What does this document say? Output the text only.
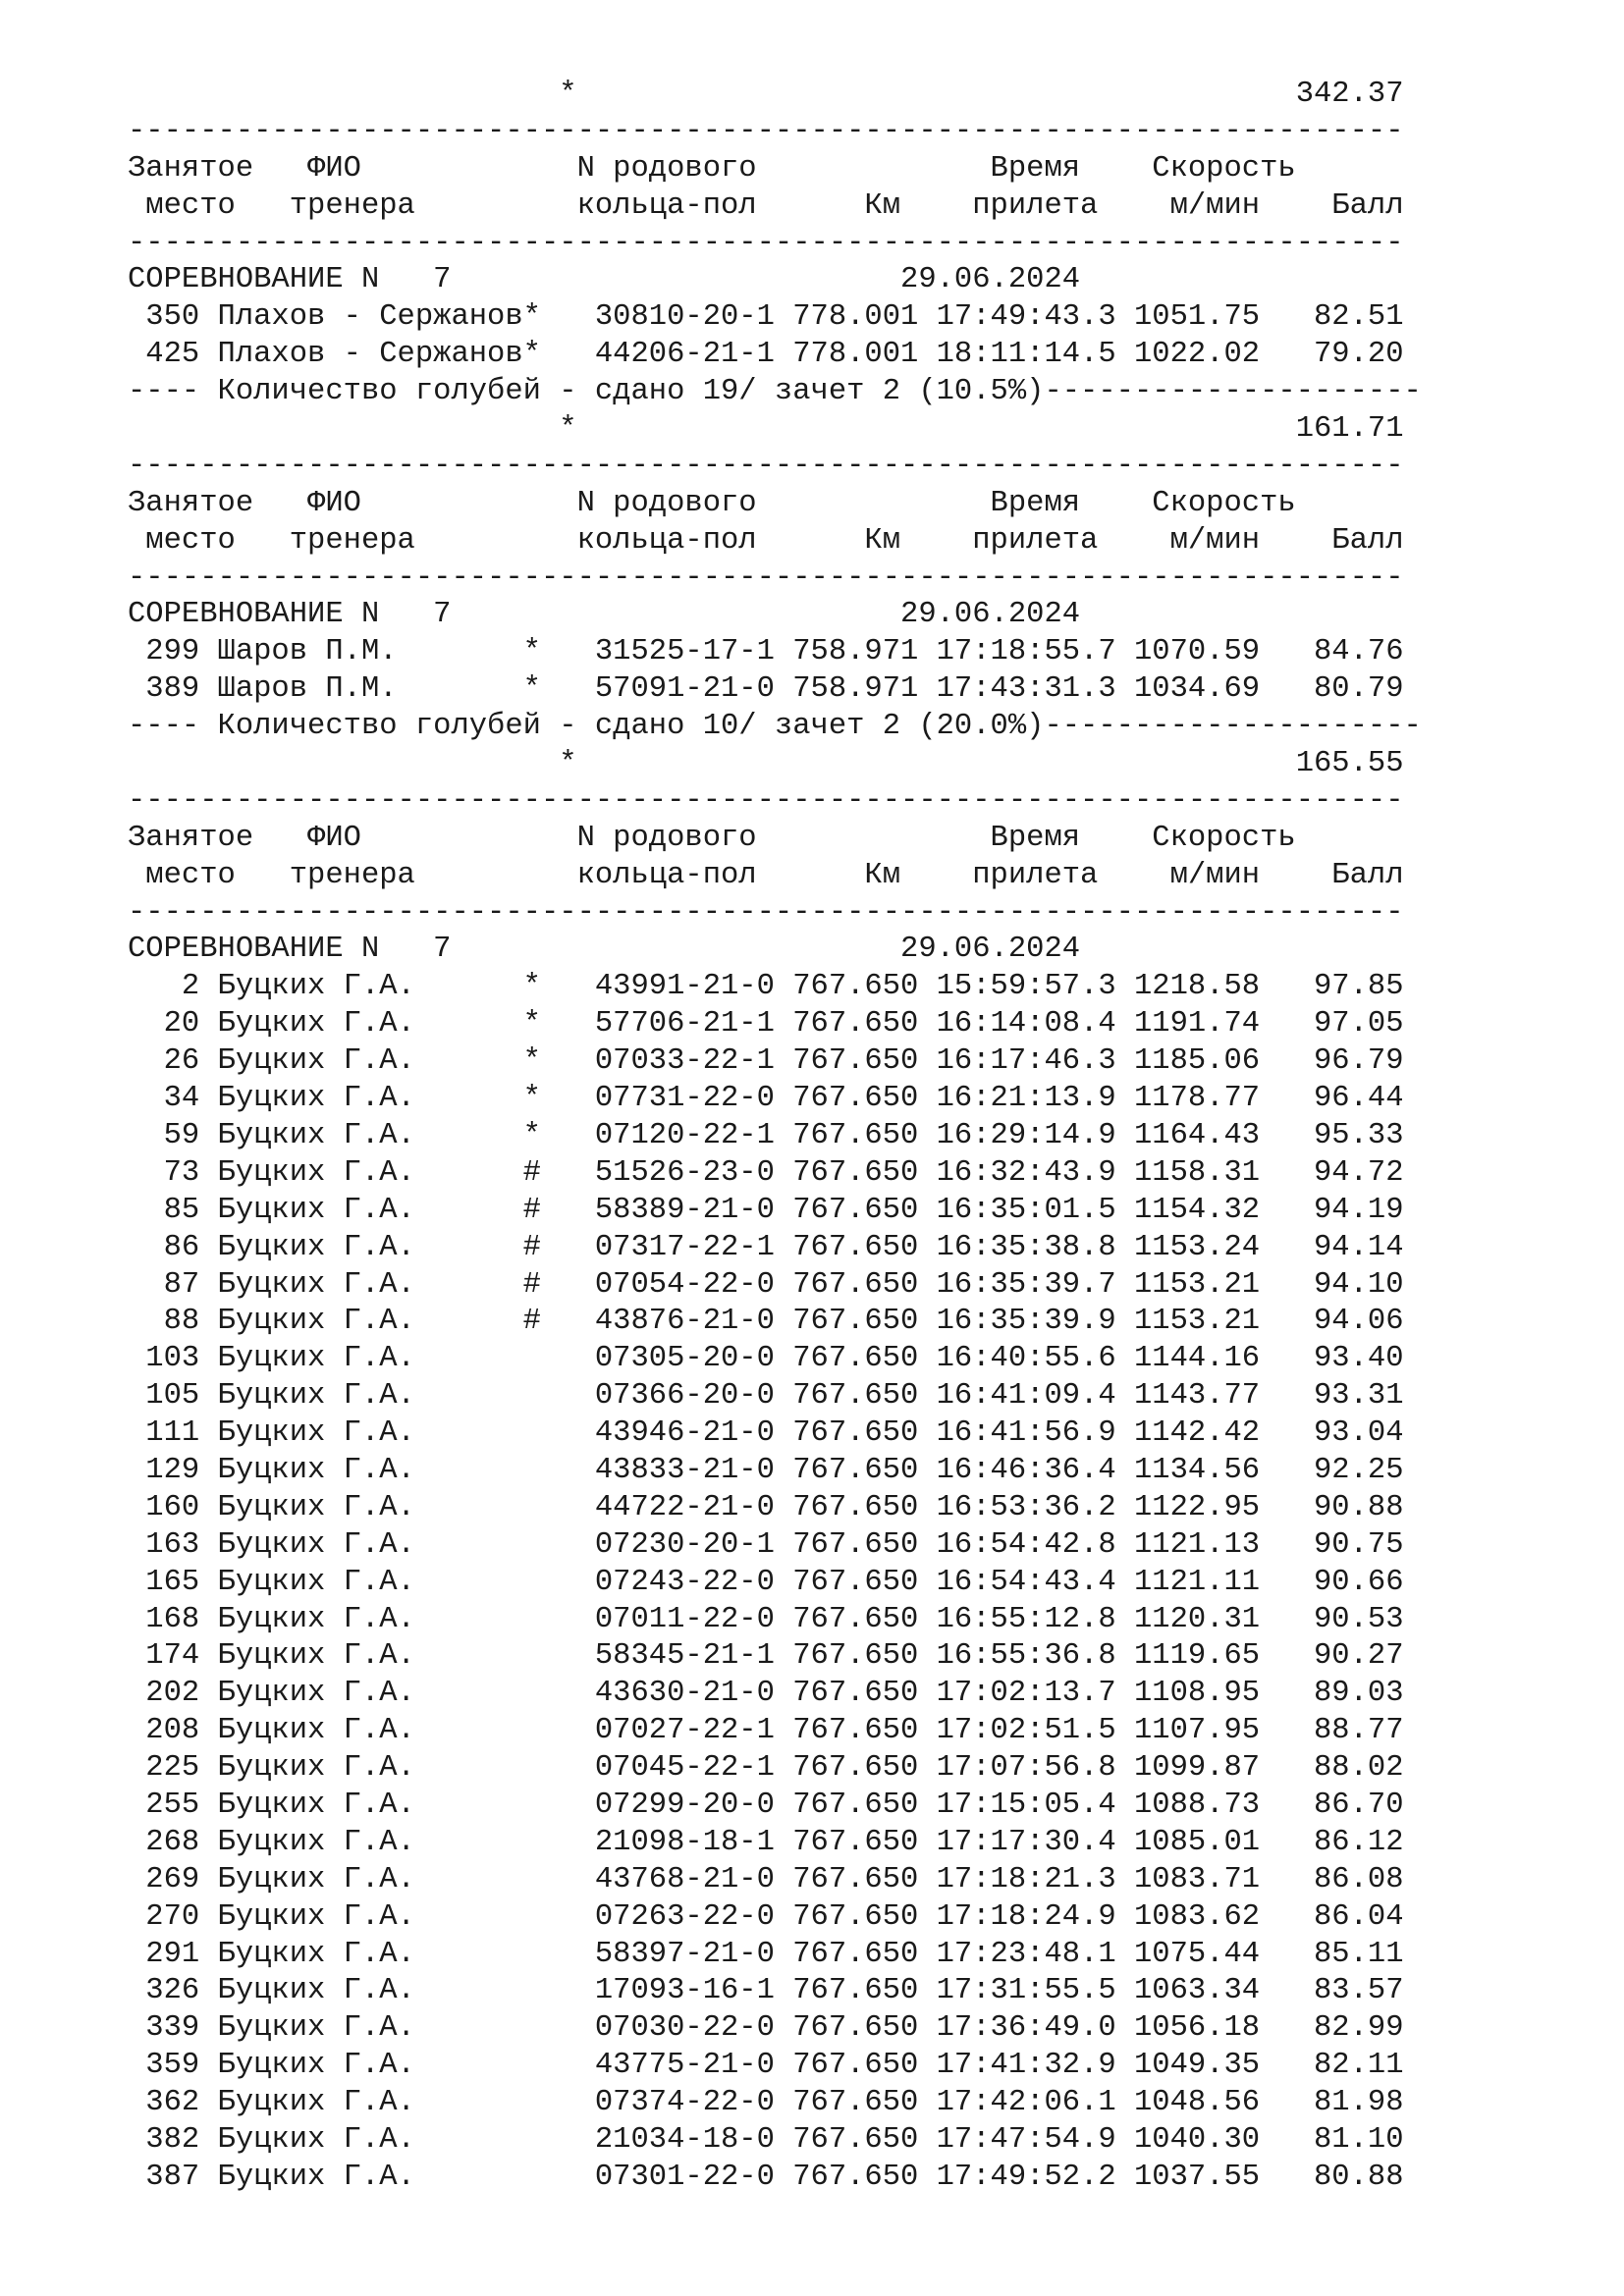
*                                        342.37
-----------------------------------------------------------------------
Занятое   ФИО            N родового             Время    Скорость
место   тренера         кольца-пол      Км    прилета    м/мин    Балл
-----------------------------------------------------------------------
СОРЕВНОВАНИЕ N   7                         29.06.2024
350 Плахов - Сержанов*   30810-20-1 778.001 17:49:43.3 1051.75   82.51
425 Плахов - Сержанов*   44206-21-1 778.001 18:11:14.5 1022.02   79.20
---- Количество голубей - сдано 19/ зачет 2 (10.5%)---------------------
*                                        161.71
-----------------------------------------------------------------------
Занятое   ФИО            N родового             Время    Скорость
место   тренера         кольца-пол      Км    прилета    м/мин    Балл
-----------------------------------------------------------------------
СОРЕВНОВАНИЕ N   7                         29.06.2024
299 Шаров П.М.       *   31525-17-1 758.971 17:18:55.7 1070.59   84.76
389 Шаров П.М.       *   57091-21-0 758.971 17:43:31.3 1034.69   80.79
---- Количество голубей - сдано 10/ зачет 2 (20.0%)---------------------
*                                        165.55
-----------------------------------------------------------------------
Занятое   ФИО            N родового             Время    Скорость
место   тренера         кольца-пол      Км    прилета    м/мин    Балл
-----------------------------------------------------------------------
СОРЕВНОВАНИЕ N   7                         29.06.2024
2 Буцких Г.А.      *   43991-21-0 767.650 15:59:57.3 1218.58   97.85
20 Буцких Г.А.      *   57706-21-1 767.650 16:14:08.4 1191.74   97.05
26 Буцких Г.А.      *   07033-22-1 767.650 16:17:46.3 1185.06   96.79
34 Буцких Г.А.      *   07731-22-0 767.650 16:21:13.9 1178.77   96.44
59 Буцких Г.А.      *   07120-22-1 767.650 16:29:14.9 1164.43   95.33
73 Буцких Г.А.      #   51526-23-0 767.650 16:32:43.9 1158.31   94.72
85 Буцких Г.А.      #   58389-21-0 767.650 16:35:01.5 1154.32   94.19
86 Буцких Г.А.      #   07317-22-1 767.650 16:35:38.8 1153.24   94.14
87 Буцких Г.А.      #   07054-22-0 767.650 16:35:39.7 1153.21   94.10
88 Буцких Г.А.      #   43876-21-0 767.650 16:35:39.9 1153.21   94.06
103 Буцких Г.А.          07305-20-0 767.650 16:40:55.6 1144.16   93.40
105 Буцких Г.А.          07366-20-0 767.650 16:41:09.4 1143.77   93.31
111 Буцких Г.А.          43946-21-0 767.650 16:41:56.9 1142.42   93.04
129 Буцких Г.А.          43833-21-0 767.650 16:46:36.4 1134.56   92.25
160 Буцких Г.А.          44722-21-0 767.650 16:53:36.2 1122.95   90.88
163 Буцких Г.А.          07230-20-1 767.650 16:54:42.8 1121.13   90.75
165 Буцких Г.А.          07243-22-0 767.650 16:54:43.4 1121.11   90.66
168 Буцких Г.А.          07011-22-0 767.650 16:55:12.8 1120.31   90.53
174 Буцких Г.А.          58345-21-1 767.650 16:55:36.8 1119.65   90.27
202 Буцких Г.А.          43630-21-0 767.650 17:02:13.7 1108.95   89.03
208 Буцких Г.А.          07027-22-1 767.650 17:02:51.5 1107.95   88.77
225 Буцких Г.А.          07045-22-1 767.650 17:07:56.8 1099.87   88.02
255 Буцких Г.А.          07299-20-0 767.650 17:15:05.4 1088.73   86.70
268 Буцких Г.А.          21098-18-1 767.650 17:17:30.4 1085.01   86.12
269 Буцких Г.А.          43768-21-0 767.650 17:18:21.3 1083.71   86.08
270 Буцких Г.А.          07263-22-0 767.650 17:18:24.9 1083.62   86.04
291 Буцких Г.А.          58397-21-0 767.650 17:23:48.1 1075.44   85.11
326 Буцких Г.А.          17093-16-1 767.650 17:31:55.5 1063.34   83.57
339 Буцких Г.А.          07030-22-0 767.650 17:36:49.0 1056.18   82.99
359 Буцких Г.А.          43775-21-0 767.650 17:41:32.9 1049.35   82.11
362 Буцких Г.А.          07374-22-0 767.650 17:42:06.1 1048.56   81.98
382 Буцких Г.А.          21034-18-0 767.650 17:47:54.9 1040.30   81.10
387 Буцких Г.А.          07301-22-0 767.650 17:49:52.2 1037.55   80.88
